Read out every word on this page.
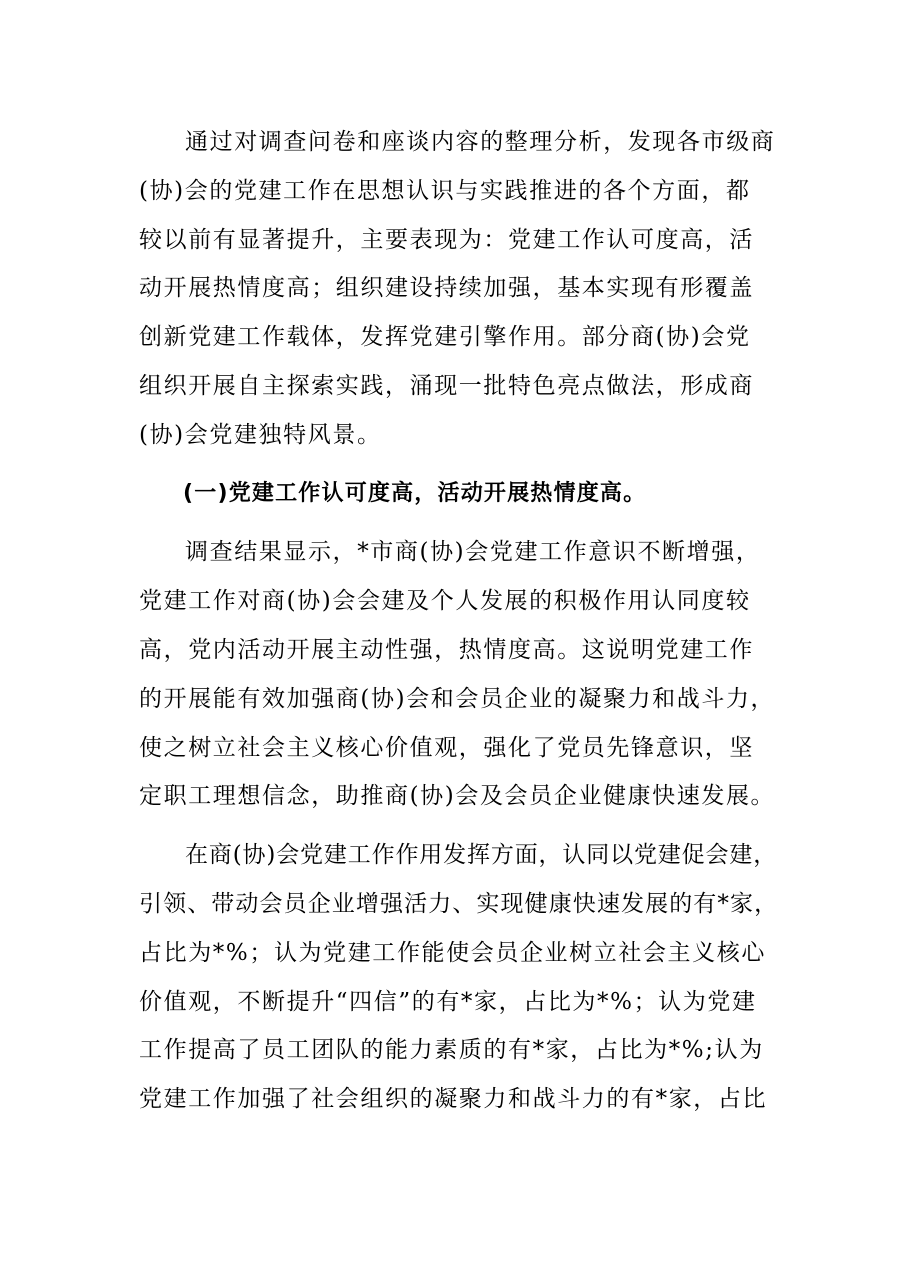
通过对调查问卷和座谈内容的整理分析，发现各市级商
(协)会的党建工作在思想认识与实践推进的各个方面，都
较以前有显著提升，主要表现为：党建工作认可度高，活
动开展热情度高；组织建设持续加强，基本实现有形覆盖
创新党建工作载体，发挥党建引擎作用。部分商(协)会党
组织开展自主探索实践，涌现一批特色亮点做法，形成商
(协)会党建独特风景。
(一)党建工作认可度高，活动开展热情度高。
调查结果显示，*市商(协)会党建工作意识不断增强，
党建工作对商(协)会会建及个人发展的积极作用认同度较
高，党内活动开展主动性强，热情度高。这说明党建工作
的开展能有效加强商(协)会和会员企业的凝聚力和战斗力，
使之树立社会主义核心价值观，强化了党员先锋意识，坚
定职工理想信念，助推商(协)会及会员企业健康快速发展。
在商(协)会党建工作作用发挥方面，认同以党建促会建，
引领、带动会员企业增强活力、实现健康快速发展的有*家，
占比为*%；认为党建工作能使会员企业树立社会主义核心
价值观，不断提升“四信”的有*家，占比为*%；认为党建
工作提高了员工团队的能力素质的有*家，占比为*%;认为
党建工作加强了社会组织的凝聚力和战斗力的有*家，占比
